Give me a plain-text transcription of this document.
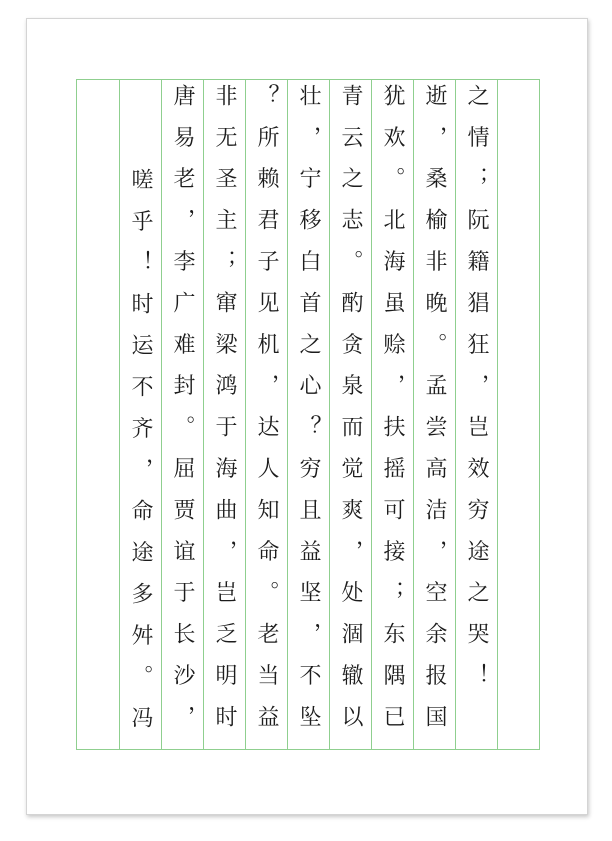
之情；阮籍猖狂，岂效穷途之哭！
逝，桑榆非晚。孟尝高洁，空余报国
犹欢。北海虽赊，扶摇可接；东隅已
青云之志。酌贪泉而觉爽，处涸辙以
壮，宁移白首之心？穷且益坚，不坠
？所赖君子见机，达人知命。老当益
非无圣主；窜梁鸿于海曲，岂乏明时
唐易老，李广难封。屈贾谊于长沙，
嗟乎！时运不齐，命途多舛。冯
